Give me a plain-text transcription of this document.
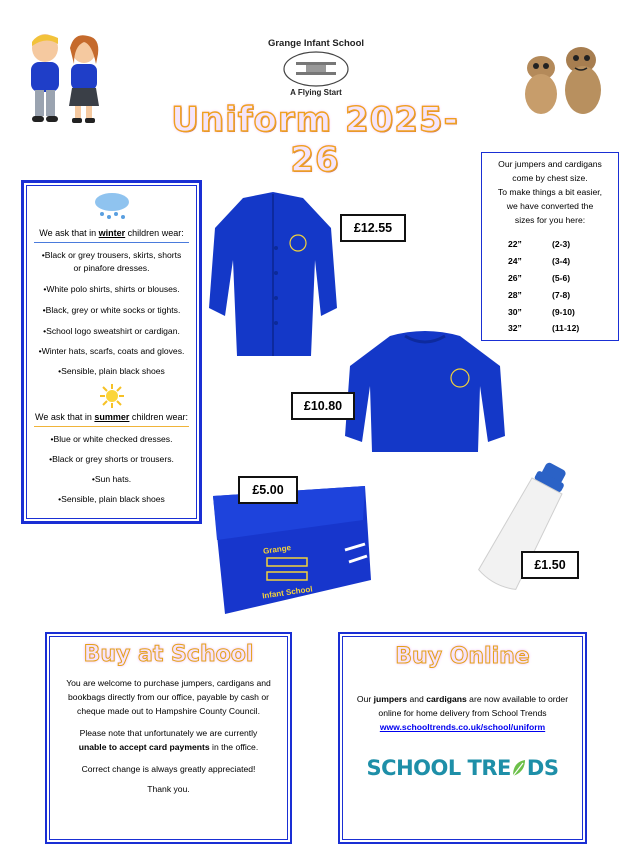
Grange Infant School
A Flying Start
Uniform 2025-26
We ask that in winter children wear:
•Black or grey trousers, skirts, shorts
or pinafore dresses.
•White polo shirts, shirts or blouses.
•Black, grey or white socks or tights.
•School logo sweatshirt or cardigan.
•Winter hats, scarfs, coats and gloves.
•Sensible, plain black shoes
We ask that in summer children wear:
•Blue or white checked dresses.
•Black or grey shorts or trousers.
•Sun hats.
•Sensible, plain black shoes
Our jumpers and cardigans
come by chest size.
To make things a bit easier,
we have converted the
sizes for you here:
22”	(2-3)
24”	(3-4)
26”	(5-6)
28”	(7-8)
30”	(9-10)
32”	(11-12)
Grange
Infant School
£12.55
£10.80
£5.00
£1.50
Buy at School
You are welcome to purchase jumpers, cardigans and
bookbags directly from our office, payable by cash or
cheque made out to Hampshire County Council.
Please note that unfortunately we are currently
unable to accept card payments in the office.
Correct change is always greatly appreciated!
Thank you.
Buy Online
Our jumpers and cardigans are now available to order
online for home delivery from School Trends
www.schooltrends.co.uk/school/uniform
SCHOOL TRE DS
